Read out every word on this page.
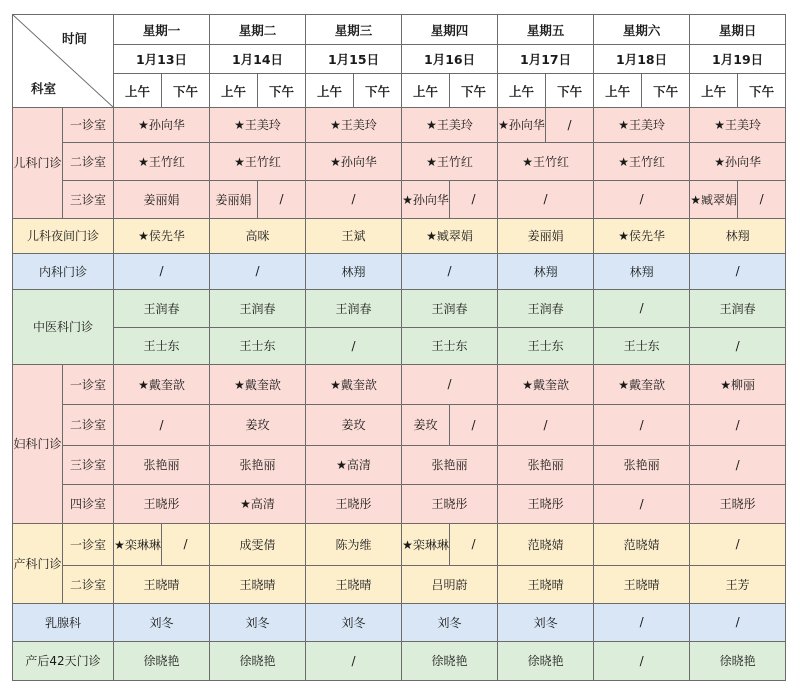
时间
科室		星期一		星期二		星期三		星期四		星期五		星期六		星期日	
		1月13日		1月14日		1月15日		1月16日		1月17日		1月18日		1月19日	
		上午	下午	上午	下午	上午	下午	上午	下午	上午	下午	上午	下午	上午	下午
儿科门诊	一诊室	★孙向华		★王美玲		★王美玲		★王美玲		★孙向华	/	★王美玲		★王美玲	
	二诊室	★王竹红		★王竹红		★孙向华		★王竹红		★王竹红		★王竹红		★孙向华	
	三诊室	姜丽娟		姜丽娟	/	/		★孙向华	/	/		/		★臧翠娟	/
儿科夜间门诊		★侯先华		高咪		王斌		★臧翠娟		姜丽娟		★侯先华		林翔	
内科门诊		/		/		林翔		/		林翔		林翔		/	
中医科门诊		王润春		王润春		王润春		王润春		王润春		/		王润春	
		王士东		王士东		/		王士东		王士东		王士东		/	
妇科门诊	一诊室	★戴奎歆		★戴奎歆		★戴奎歆		/		★戴奎歆		★戴奎歆		★柳丽	
	二诊室	/		姜玫		姜玫		姜玫	/	/		/		/	
	三诊室	张艳丽		张艳丽		★高清		张艳丽		张艳丽		张艳丽		/	
	四诊室	王晓彤		★高清		王晓彤		王晓彤		王晓彤		/		王晓彤	
产科门诊	一诊室	★栾琳琳	/	成雯倩		陈为维		★栾琳琳	/	范晓婧		范晓婧		/	
	二诊室	王晓晴		王晓晴		王晓晴		吕明蔚		王晓晴		王晓晴		王芳	
乳腺科		刘冬		刘冬		刘冬		刘冬		刘冬		/		/	
产后42天门诊		徐晓艳		徐晓艳		/		徐晓艳		徐晓艳		/		徐晓艳	
